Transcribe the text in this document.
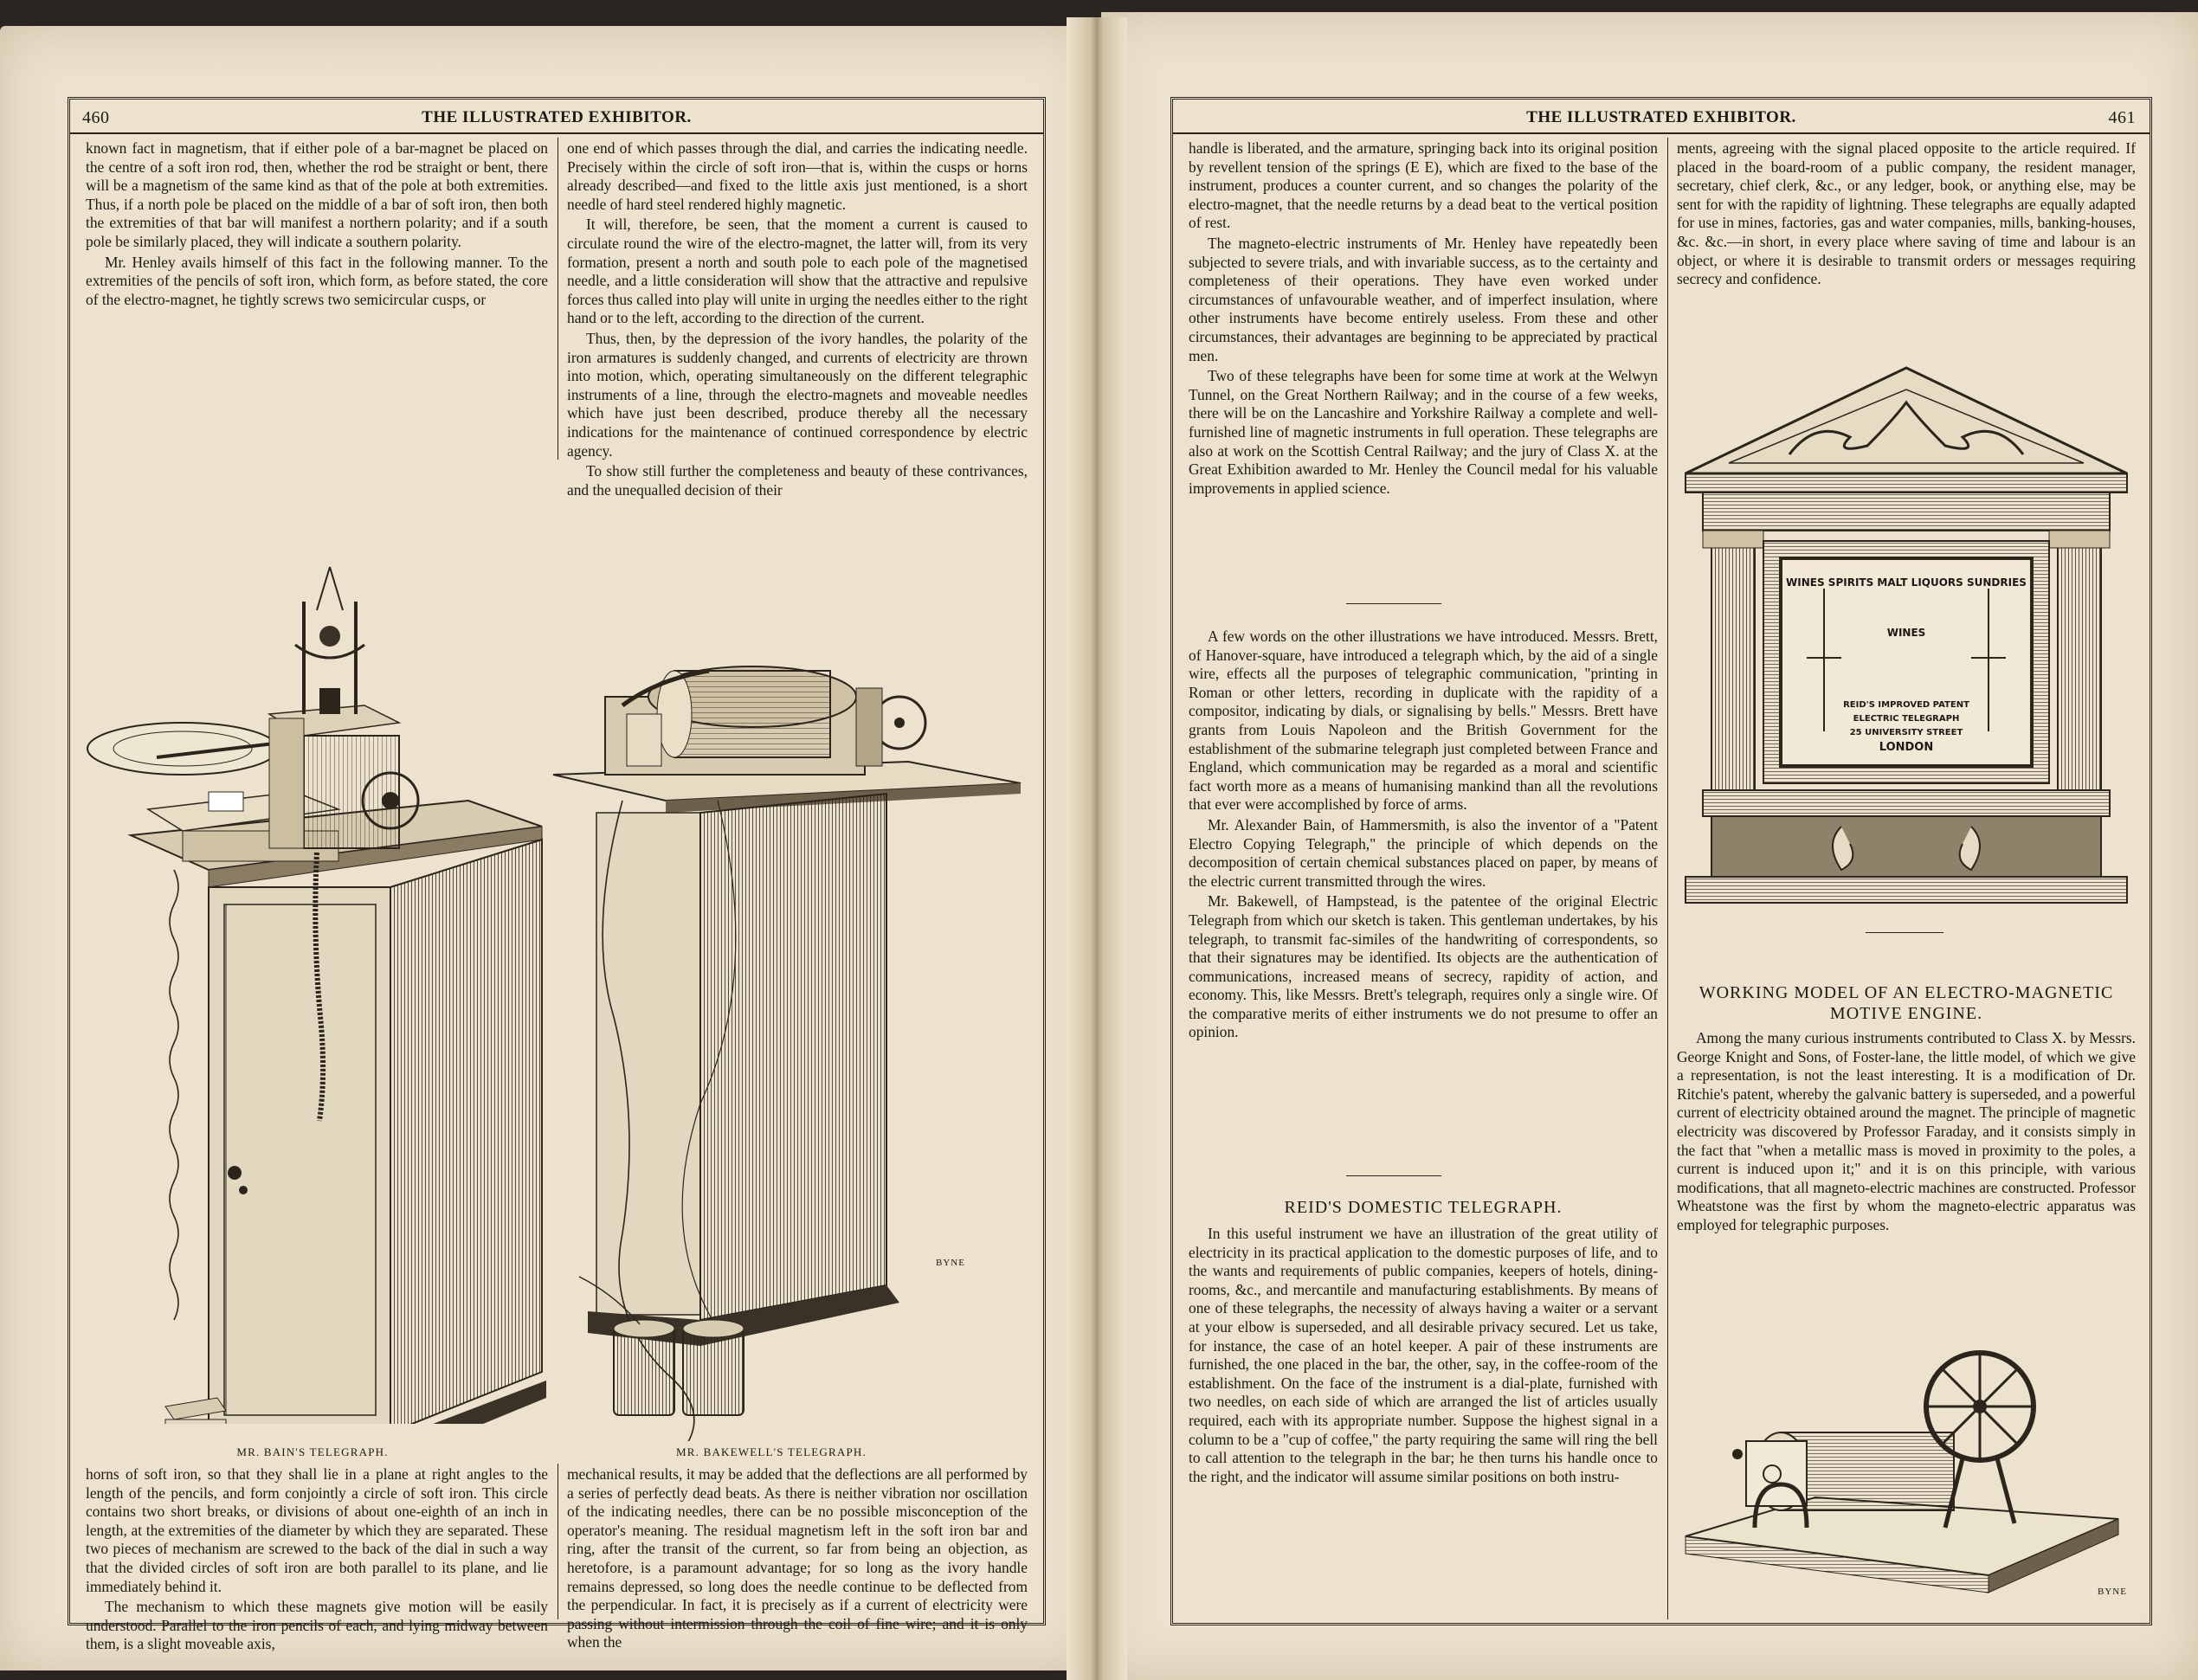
460	THE ILLUSTRATED EXHIBITOR.

known fact in magnetism, that if either pole of a bar-magnet be placed on the centre of a soft iron rod, then, whether the rod be straight or bent, there will be a magnetism of the same kind as that of the pole at both extremities. Thus, if a north pole be placed on the middle of a bar of soft iron, then both the extremities of that bar will manifest a northern polarity; and if a south pole be similarly placed, they will indicate a southern polarity.

Mr. Henley avails himself of this fact in the following manner. To the extremities of the pencils of soft iron, which form, as before stated, the core of the electro-magnet, he tightly screws two semicircular cusps, or

one end of which passes through the dial, and carries the indicating needle. Precisely within the circle of soft iron—that is, within the cusps or horns already described—and fixed to the little axis just mentioned, is a short needle of hard steel rendered highly magnetic.

It will, therefore, be seen, that the moment a current is caused to circulate round the wire of the electro-magnet, the latter will, from its very formation, present a north and south pole to each pole of the magnetised needle, and a little consideration will show that the attractive and repulsive forces thus called into play will unite in urging the needles either to the right hand or to the left, according to the direction of the current.

Thus, then, by the depression of the ivory handles, the polarity of the iron armatures is suddenly changed, and currents of electricity are thrown into motion, which, operating simultaneously on the different telegraphic instruments of a line, through the electro-magnets and moveable needles which have just been described, produce thereby all the necessary indications for the maintenance of continued correspondence by electric agency.

To show still further the completeness and beauty of these contrivances, and the unequalled decision of their

BYNE
MR. BAIN'S TELEGRAPH.	MR. BAKEWELL'S TELEGRAPH.

horns of soft iron, so that they shall lie in a plane at right angles to the length of the pencils, and form conjointly a circle of soft iron. This circle contains two short breaks, or divisions of about one-eighth of an inch in length, at the extremities of the diameter by which they are separated. These two pieces of mechanism are screwed to the back of the dial in such a way that the divided circles of soft iron are both parallel to its plane, and lie immediately behind it.

The mechanism to which these magnets give motion will be easily understood. Parallel to the iron pencils of each, and lying midway between them, is a slight moveable axis,

mechanical results, it may be added that the deflections are all performed by a series of perfectly dead beats. As there is neither vibration nor oscillation of the indicating needles, there can be no possible misconception of the operator's meaning. The residual magnetism left in the soft iron bar and ring, after the transit of the current, so far from being an objection, as heretofore, is a paramount advantage; for so long as the ivory handle remains depressed, so long does the needle continue to be deflected from the perpendicular. In fact, it is precisely as if a current of electricity were passing without intermission through the coil of fine wire; and it is only when the

THE ILLUSTRATED EXHIBITOR.	461

handle is liberated, and the armature, springing back into its original position by revellent tension of the springs (E E), which are fixed to the base of the instrument, produces a counter current, and so changes the polarity of the electro-magnet, that the needle returns by a dead beat to the vertical position of rest.

The magneto-electric instruments of Mr. Henley have repeatedly been subjected to severe trials, and with invariable success, as to the certainty and completeness of their operations. They have even worked under circumstances of unfavourable weather, and of imperfect insulation, where other instruments have become entirely useless. From these and other circumstances, their advantages are beginning to be appreciated by practical men.

Two of these telegraphs have been for some time at work at the Welwyn Tunnel, on the Great Northern Railway; and in the course of a few weeks, there will be on the Lancashire and Yorkshire Railway a complete and well-furnished line of magnetic instruments in full operation. These telegraphs are also at work on the Scottish Central Railway; and the jury of Class X. at the Great Exhibition awarded to Mr. Henley the Council medal for his valuable improvements in applied science.

A few words on the other illustrations we have introduced. Messrs. Brett, of Hanover-square, have introduced a telegraph which, by the aid of a single wire, effects all the purposes of telegraphic communication, "printing in Roman or other letters, recording in duplicate with the rapidity of a compositor, indicating by dials, or signalising by bells." Messrs. Brett have grants from Louis Napoleon and the British Government for the establishment of the submarine telegraph just completed between France and England, which communication may be regarded as a moral and scientific fact worth more as a means of humanising mankind than all the revolutions that ever were accomplished by force of arms.

Mr. Alexander Bain, of Hammersmith, is also the inventor of a "Patent Electro Copying Telegraph," the principle of which depends on the decomposition of certain chemical substances placed on paper, by means of the electric current transmitted through the wires.

Mr. Bakewell, of Hampstead, is the patentee of the original Electric Telegraph from which our sketch is taken. This gentleman undertakes, by his telegraph, to transmit fac-similes of the handwriting of correspondents, so that their signatures may be identified. Its objects are the authentication of communications, increased means of secrecy, rapidity of action, and economy. This, like Messrs. Brett's telegraph, requires only a single wire. Of the comparative merits of either instruments we do not presume to offer an opinion.

REID'S DOMESTIC TELEGRAPH.

In this useful instrument we have an illustration of the great utility of electricity in its practical application to the domestic purposes of life, and to the wants and requirements of public companies, keepers of hotels, dining-rooms, &c., and mercantile and manufacturing establishments. By means of one of these telegraphs, the necessity of always having a waiter or a servant at your elbow is superseded, and all desirable privacy secured. Let us take, for instance, the case of an hotel keeper. A pair of these instruments are furnished, the one placed in the bar, the other, say, in the coffee-room of the establishment. On the face of the instrument is a dial-plate, furnished with two needles, on each side of which are arranged the list of articles usually required, each with its appropriate number. Suppose the highest signal in a column to be a "cup of coffee," the party requiring the same will ring the bell to call attention to the telegraph in the bar; he then turns his handle once to the right, and the indicator will assume similar positions on both instru-

ments, agreeing with the signal placed opposite to the article required. If placed in the board-room of a public company, the resident manager, secretary, chief clerk, &c., or any ledger, book, or anything else, may be sent for with the rapidity of lightning. These telegraphs are equally adapted for use in mines, factories, gas and water companies, mills, banking-houses, &c. &c.—in short, in every place where saving of time and labour is an object, or where it is desirable to transmit orders or messages requiring secrecy and confidence.

WINES SPIRITS MALT LIQUORS SUNDRIES
WINES
REID'S IMPROVED PATENT
ELECTRIC TELEGRAPH
25 UNIVERSITY STREET
LONDON
WORKING MODEL OF AN ELECTRO-MAGNETIC
MOTIVE ENGINE.

Among the many curious instruments contributed to Class X. by Messrs. George Knight and Sons, of Foster-lane, the little model, of which we give a representation, is not the least interesting. It is a modification of Dr. Ritchie's patent, whereby the galvanic battery is superseded, and a powerful current of electricity obtained around the magnet. The principle of magnetic electricity was discovered by Professor Faraday, and it consists simply in the fact that "when a metallic mass is moved in proximity to the poles, a current is induced upon it;" and it is on this principle, with various modifications, that all magneto-electric machines are constructed. Professor Wheatstone was the first by whom the magneto-electric apparatus was employed for telegraphic purposes.

BYNE
